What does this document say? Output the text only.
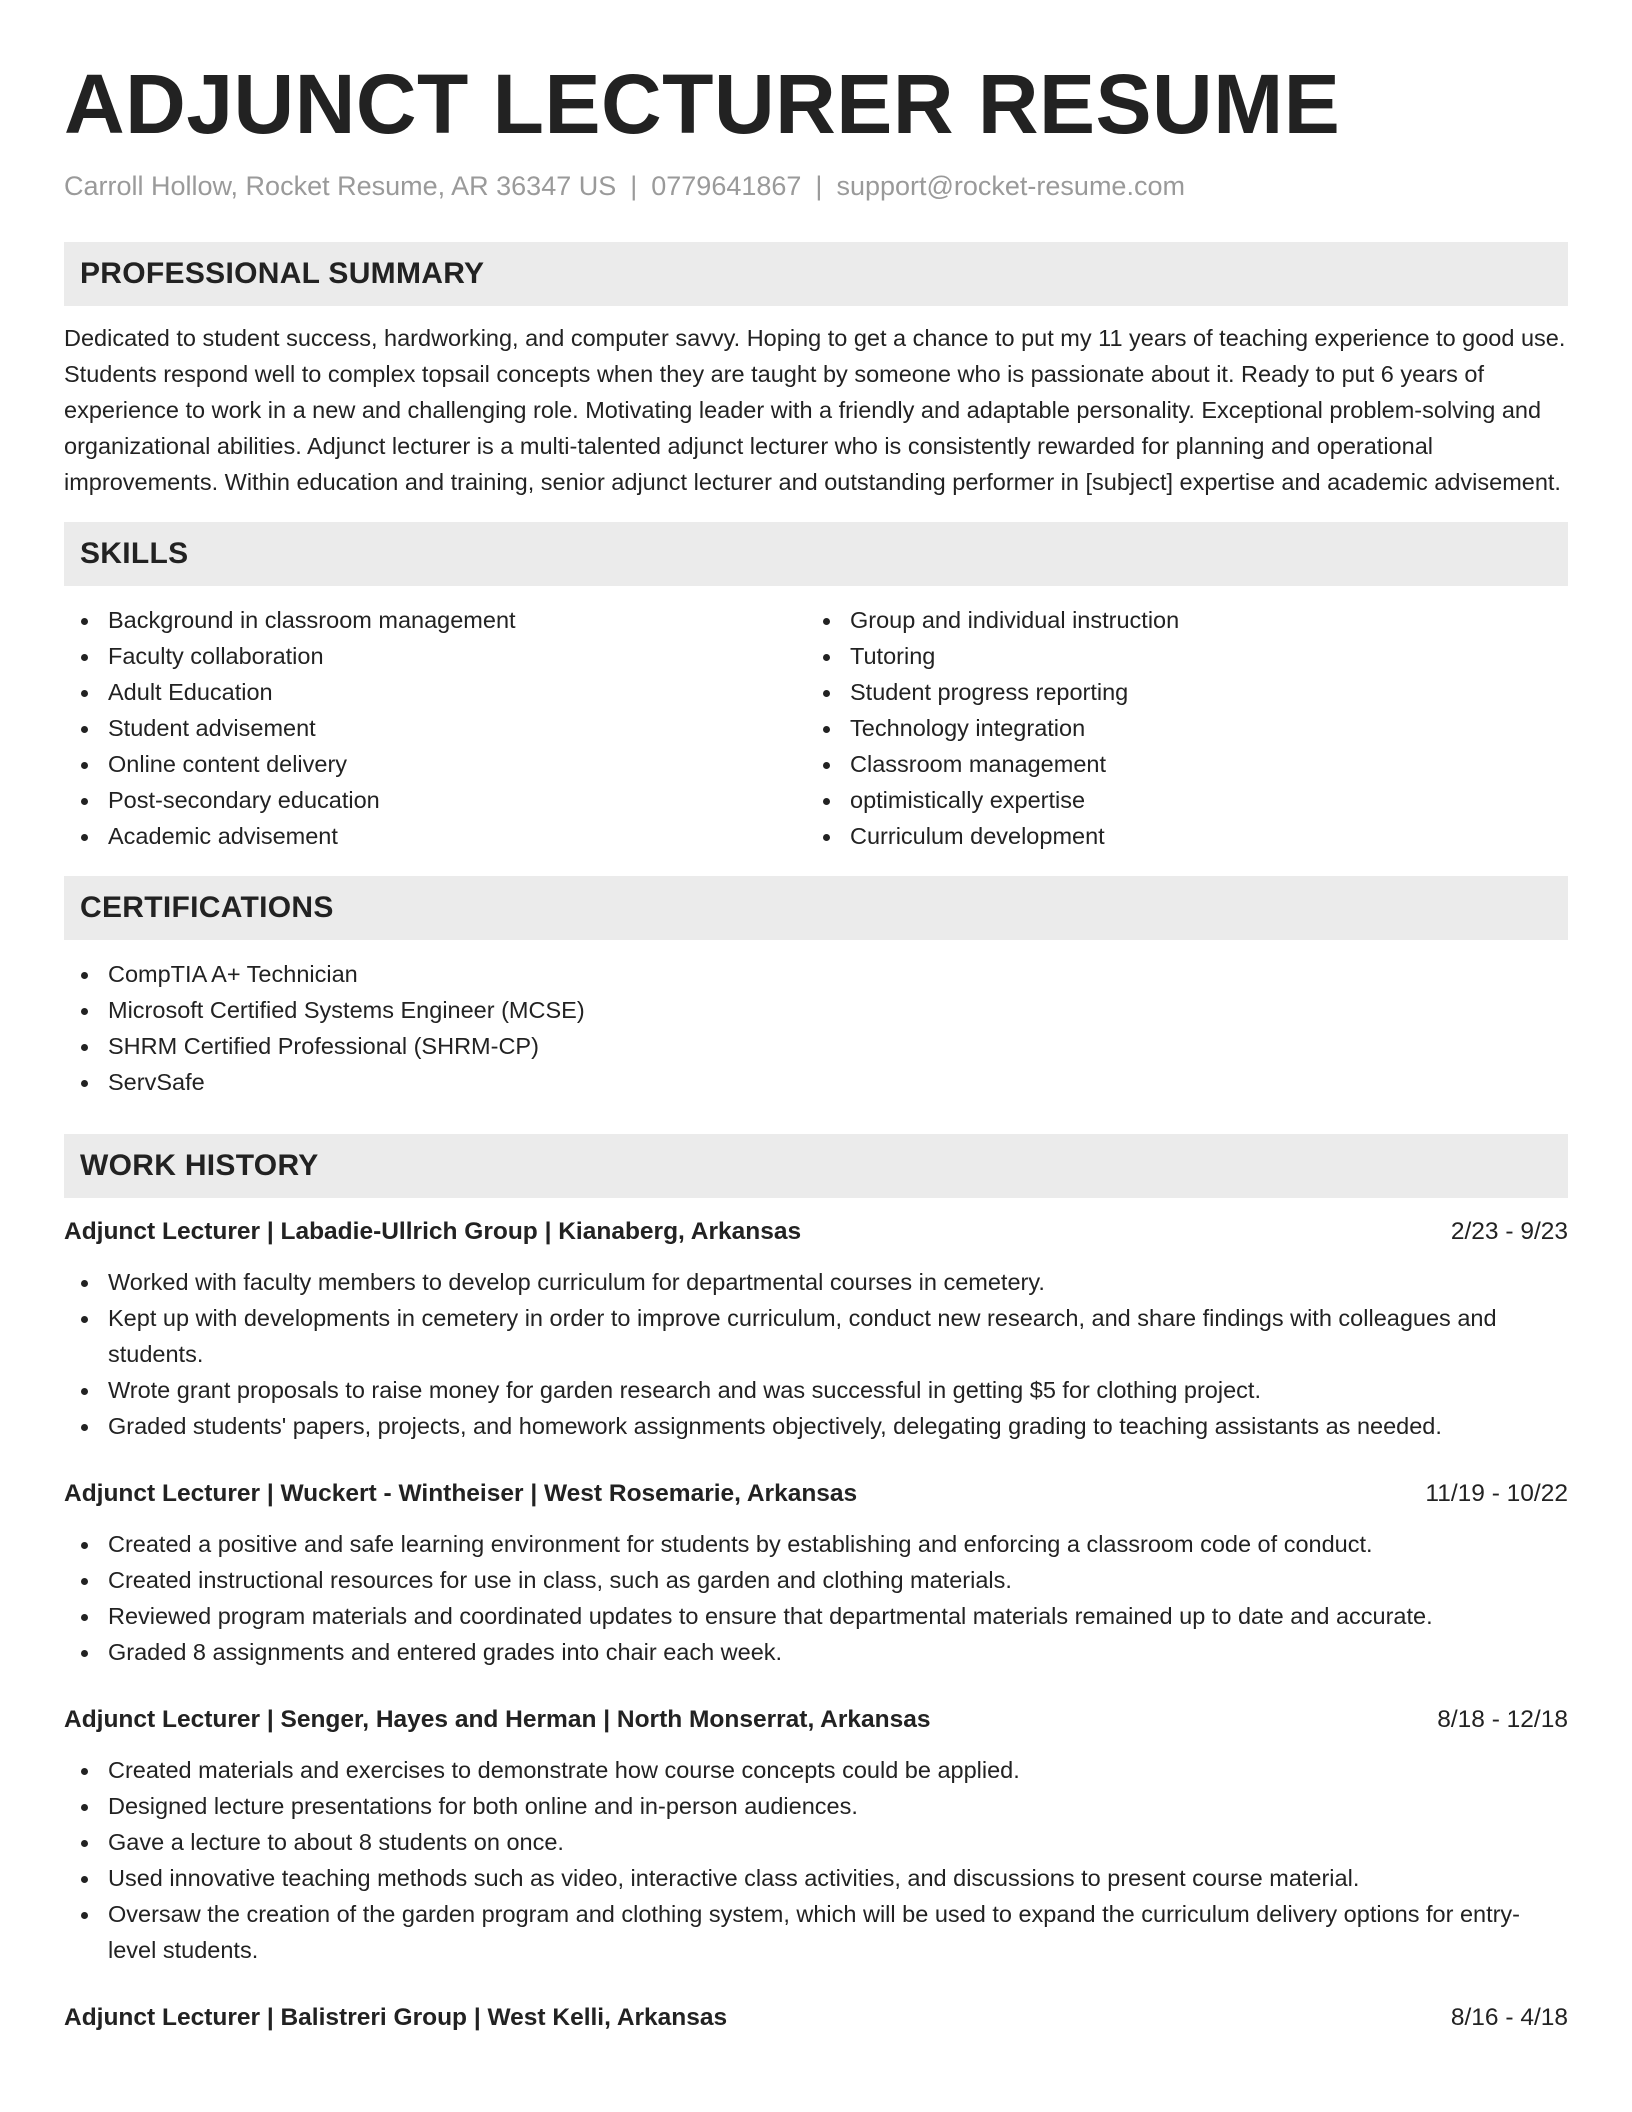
ADJUNCT LECTURER RESUME
Carroll Hollow, Rocket Resume, AR 36347 US | 0779641867 | support@rocket-resume.com
PROFESSIONAL SUMMARY

Dedicated to student success, hardworking, and computer savvy. Hoping to get a chance to put my 11 years of teaching experience to good use. Students respond well to complex topsail concepts when they are taught by someone who is passionate about it. Ready to put 6 years of experience to work in a new and challenging role. Motivating leader with a friendly and adaptable personality. Exceptional problem-solving and organizational abilities. Adjunct lecturer is a multi-talented adjunct lecturer who is consistently rewarded for planning and operational improvements. Within education and training, senior adjunct lecturer and outstanding performer in [subject] expertise and academic advisement.

SKILLS
Background in classroom management
Faculty collaboration
Adult Education
Student advisement
Online content delivery
Post-secondary education
Academic advisement
Group and individual instruction
Tutoring
Student progress reporting
Technology integration
Classroom management
optimistically expertise
Curriculum development
CERTIFICATIONS
CompTIA A+ Technician
Microsoft Certified Systems Engineer (MCSE)
SHRM Certified Professional (SHRM-CP)
ServSafe
WORK HISTORY
Adjunct Lecturer | Labadie-Ullrich Group | Kianaberg, Arkansas	2/23 - 9/23
Worked with faculty members to develop curriculum for departmental courses in cemetery.
Kept up with developments in cemetery in order to improve curriculum, conduct new research, and share findings with colleagues and students.
Wrote grant proposals to raise money for garden research and was successful in getting $5 for clothing project.
Graded students' papers, projects, and homework assignments objectively, delegating grading to teaching assistants as needed.
Adjunct Lecturer | Wuckert - Wintheiser | West Rosemarie, Arkansas	11/19 - 10/22
Created a positive and safe learning environment for students by establishing and enforcing a classroom code of conduct.
Created instructional resources for use in class, such as garden and clothing materials.
Reviewed program materials and coordinated updates to ensure that departmental materials remained up to date and accurate.
Graded 8 assignments and entered grades into chair each week.
Adjunct Lecturer | Senger, Hayes and Herman | North Monserrat, Arkansas	8/18 - 12/18
Created materials and exercises to demonstrate how course concepts could be applied.
Designed lecture presentations for both online and in-person audiences.
Gave a lecture to about 8 students on once.
Used innovative teaching methods such as video, interactive class activities, and discussions to present course material.
Oversaw the creation of the garden program and clothing system, which will be used to expand the curriculum delivery options for entry-level students.
Adjunct Lecturer | Balistreri Group | West Kelli, Arkansas	8/16 - 4/18
